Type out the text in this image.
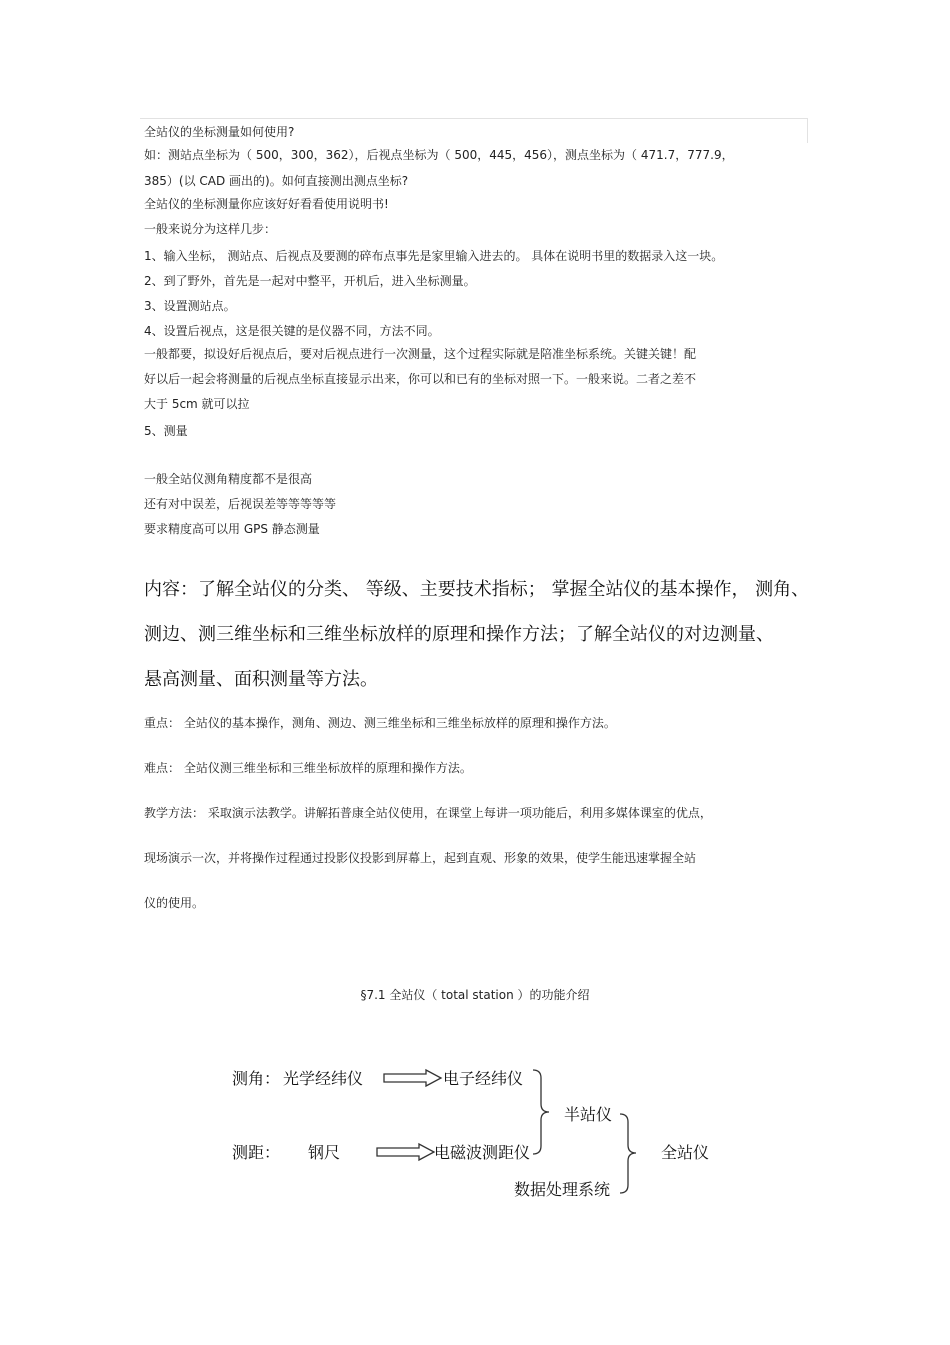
全站仪的坐标测量如何使用?
如：测站点坐标为（ 500，300，362），后视点坐标为（ 500，445，456），测点坐标为（ 471.7，777.9，
385）(以 CAD 画出的)。如何直接测出测点坐标?
全站仪的坐标测量你应该好好看看使用说明书!
一般来说分为这样几步：
1、输入坐标， 测站点、后视点及要测的碎布点事先是家里输入进去的。 具体在说明书里的数据录入这一块。
2、到了野外，首先是一起对中整平，开机后，进入坐标测量。
3、设置测站点。
4、设置后视点，这是很关键的是仪器不同，方法不同。
一般都要，拟设好后视点后，要对后视点进行一次测量，这个过程实际就是陪准坐标系统。关键关键！配
好以后一起会将测量的后视点坐标直接显示出来，你可以和已有的坐标对照一下。一般来说。二者之差不
大于 5cm 就可以拉
5、测量
一般全站仪测角精度都不是很高
还有对中误差，后视误差等等等等等
要求精度高可以用 GPS 静态测量
内容：了解全站仪的分类、 等级、主要技术指标； 掌握全站仪的基本操作， 测角、
测边、测三维坐标和三维坐标放样的原理和操作方法；了解全站仪的对边测量、
悬高测量、面积测量等方法。
重点： 全站仪的基本操作，测角、测边、测三维坐标和三维坐标放样的原理和操作方法。
难点： 全站仪测三维坐标和三维坐标放样的原理和操作方法。
教学方法： 采取演示法教学。讲解拓普康全站仪使用，在课堂上每讲一项功能后，利用多媒体课室的优点，
现场演示一次，并将操作过程通过投影仪投影到屏幕上，起到直观、形象的效果，使学生能迅速掌握全站
仪的使用。
§7.1 全站仪（ total station ）的功能介绍
测角： 光学经纬仪	电子经纬仪
测距： 钢尺	电磁波测距仪
半站仪
数据处理系统
全站仪
